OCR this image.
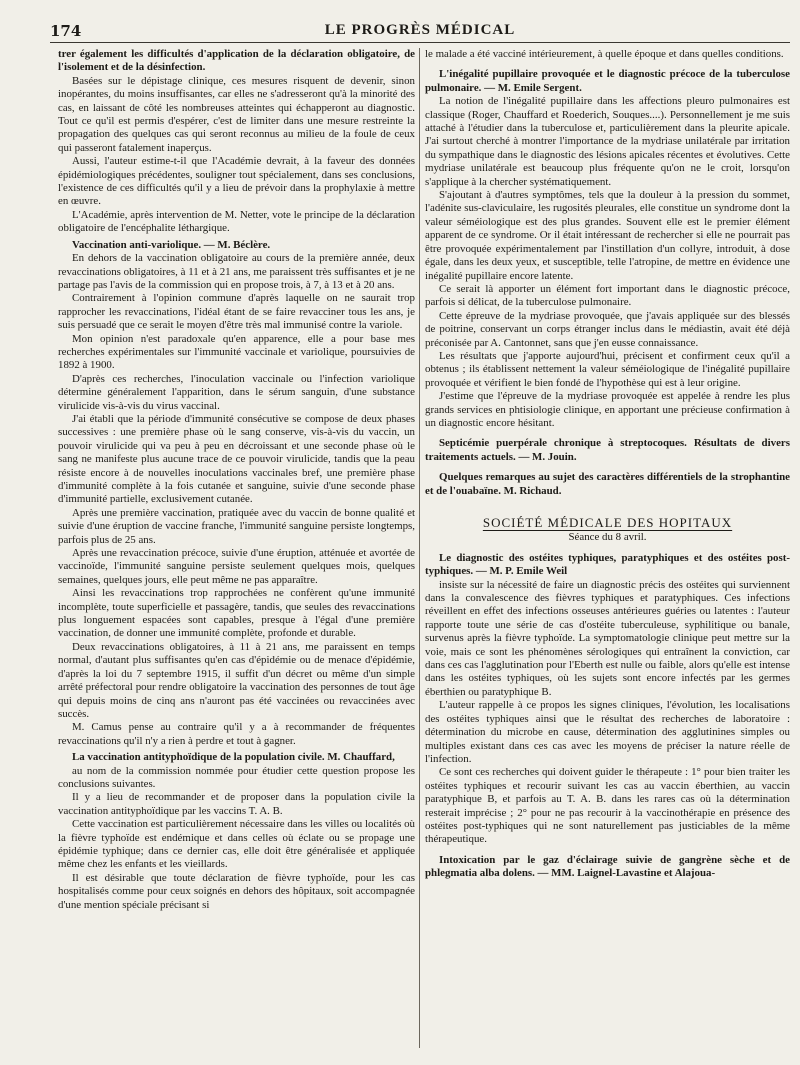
174	LE PROGRÈS MÉDICAL

trer également les difficultés d'application de la déclaration obligatoire, de l'isolement et de la désinfection.

Basées sur le dépistage clinique, ces mesures risquent de devenir, sinon inopérantes, du moins insuffisantes, car elles ne s'adresseront qu'à la minorité des cas, en laissant de côté les nombreuses atteintes qui échapperont au diagnostic. Tout ce qu'il est permis d'espérer, c'est de limiter dans une mesure restreinte la propagation des quelques cas qui seront reconnus au milieu de la foule de ceux qui passeront fatalement inaperçus.

Aussi, l'auteur estime-t-il que l'Académie devrait, à la faveur des données épidémiologiques précédentes, souligner tout spécialement, dans ses conclusions, l'existence de ces difficultés qu'il y a lieu de prévoir dans la prophylaxie à mettre en œuvre.

L'Académie, après intervention de M. Netter, vote le principe de la déclaration obligatoire de l'encéphalite léthargique.

Vaccination anti-variolique. — M. Béclère.

En dehors de la vaccination obligatoire au cours de la première année, deux revaccinations obligatoires, à 11 et à 21 ans, me paraissent très suffisantes et je ne partage pas l'avis de la commission qui en propose trois, à 7, à 13 et à 20 ans.

Contrairement à l'opinion commune d'après laquelle on ne saurait trop rapprocher les revaccinations, l'idéal étant de se faire revacciner tous les ans, je suis persuadé que ce serait le moyen d'être très mal immunisé contre la variole.

Mon opinion n'est paradoxale qu'en apparence, elle a pour base mes recherches expérimentales sur l'immunité vaccinale et variolique, poursuivies de 1892 à 1900.

D'après ces recherches, l'inoculation vaccinale ou l'infection variolique détermine généralement l'apparition, dans le sérum sanguin, d'une substance virulicide vis-à-vis du virus vaccinal.

J'ai établi que la période d'immunité consécutive se compose de deux phases successives : une première phase où le sang conserve, vis-à-vis du vaccin, un pouvoir virulicide qui va peu à peu en décroissant et une seconde phase où le sang ne manifeste plus aucune trace de ce pouvoir virulicide, tandis que la peau résiste encore à de nouvelles inoculations vaccinales bref, une première phase d'immunité complète à la fois cutanée et sanguine, suivie d'une seconde phase d'immunité partielle, exclusivement cutanée.

Après une première vaccination, pratiquée avec du vaccin de bonne qualité et suivie d'une éruption de vaccine franche, l'immunité sanguine persiste longtemps, parfois plus de 25 ans.

Après une revaccination précoce, suivie d'une éruption, atténuée et avortée de vaccinoïde, l'immunité sanguine persiste seulement quelques mois, quelques semaines, quelques jours, elle peut même ne pas apparaître.

Ainsi les revaccinations trop rapprochées ne confèrent qu'une immunité incomplète, toute superficielle et passagère, tandis, que seules des revaccinations plus longuement espacées sont capables, presque à l'égal d'une première vaccination, de donner une immunité complète, profonde et durable.

Deux revaccinations obligatoires, à 11 à 21 ans, me paraissent en temps normal, d'autant plus suffisantes qu'en cas d'épidémie ou de menace d'épidémie, d'après la loi du 7 septembre 1915, il suffit d'un décret ou même d'un simple arrêté préfectoral pour rendre obligatoire la vaccination des personnes de tout âge qui depuis moins de cinq ans n'auront pas été vaccinées ou revaccinées avec succès.

M. Camus pense au contraire qu'il y a à recommander de fréquentes revaccinations qu'il n'y a rien à perdre et tout à gagner.

La vaccination antityphoïdique de la population civile. M. Chauffard,

au nom de la commission nommée pour étudier cette question propose les conclusions suivantes.

Il y a lieu de recommander et de proposer dans la population civile la vaccination antityphoïdique par les vaccins T. A. B.

Cette vaccination est particulièrement nécessaire dans les villes ou localités où la fièvre typhoïde est endémique et dans celles où éclate ou se propage une épidémie typhique; dans ce dernier cas, elle doit être généralisée et appliquée même chez les enfants et les vieillards.

Il est désirable que toute déclaration de fièvre typhoïde, pour les cas hospitalisés comme pour ceux soignés en dehors des hôpitaux, soit accompagnée d'une mention spéciale précisant si

le malade a été vacciné intérieurement, à quelle époque et dans quelles conditions.

L'inégalité pupillaire provoquée et le diagnostic précoce de la tuberculose pulmonaire. — M. Emile Sergent.

La notion de l'inégalité pupillaire dans les affections pleuro pulmonaires est classique (Roger, Chauffard et Roederich, Souques....). Personnellement je me suis attaché à l'étudier dans la tuberculose et, particulièrement dans la pleurite apicale. J'ai surtout cherché à montrer l'importance de la mydriase unilatérale par irritation du sympathique dans le diagnostic des lésions apicales récentes et évolutives. Cette mydriase unilatérale est beaucoup plus fréquente qu'on ne le croit, lorsqu'on s'applique à la chercher systématiquement.

S'ajoutant à d'autres symptômes, tels que la douleur à la pression du sommet, l'adénite sus-claviculaire, les rugosités pleurales, elle constitue un syndrome dont la valeur séméiologique est des plus grandes. Souvent elle est le premier élément apparent de ce syndrome. Or il était intéressant de rechercher si elle ne pourrait pas être provoquée expérimentalement par l'instillation d'un collyre, introduit, à dose égale, dans les deux yeux, et susceptible, telle l'atropine, de mettre en évidence une inégalité pupillaire encore latente.

Ce serait là apporter un élément fort important dans le diagnostic précoce, parfois si délicat, de la tuberculose pulmonaire.

Cette épreuve de la mydriase provoquée, que j'avais appliquée sur des blessés de poitrine, conservant un corps étranger inclus dans le médiastin, avait été déjà préconisée par A. Cantonnet, sans que j'en eusse connaissance.

Les résultats que j'apporte aujourd'hui, précisent et confirment ceux qu'il a obtenus ; ils établissent nettement la valeur séméiologique de l'inégalité pupillaire provoquée et vérifient le bien fondé de l'hypothèse qui est à leur origine.

J'estime que l'épreuve de la mydriase provoquée est appelée à rendre les plus grands services en phtisiologie clinique, en apportant une précieuse confirmation à un diagnostic encore hésitant.

Septicémie puerpérale chronique à streptocoques. Résultats de divers traitements actuels. — M. Jouin.

Quelques remarques au sujet des caractères différentiels de la strophantine et de l'ouabaïne. M. Richaud.

SOCIÉTÉ MÉDICALE DES HOPITAUX

Séance du 8 avril.

Le diagnostic des ostéites typhiques, paratyphiques et des ostéites post-typhiques. — M. P. Emile Weil

insiste sur la nécessité de faire un diagnostic précis des ostéites qui surviennent dans la convalescence des fièvres typhiques et paratyphiques. Ces infections réveillent en effet des infections osseuses antérieures guéries ou latentes : l'auteur rapporte toute une série de cas d'ostéite tuberculeuse, syphilitique ou banale, survenus après la fièvre typhoïde. La symptomatologie clinique peut mettre sur la voie, mais ce sont les phénomènes sérologiques qui entraînent la conviction, car dans ces cas l'agglutination pour l'Eberth est nulle ou faible, alors qu'elle est intense dans les ostéites typhiques, où les sujets sont encore infectés par les germes éberthien ou paratyphique B.

L'auteur rappelle à ce propos les signes cliniques, l'évolution, les localisations des ostéites typhiques ainsi que le résultat des recherches de laboratoire : détermination du microbe en cause, détermination des agglutinines simples ou multiples existant dans ces cas avec les moyens de préciser la nature réelle de l'infection.

Ce sont ces recherches qui doivent guider le thérapeute : 1° pour bien traiter les ostéites typhiques et recourir suivant les cas au vaccin éberthien, au vaccin paratyphique B, et parfois au T. A. B. dans les rares cas où la détermination resterait imprécise ; 2° pour ne pas recourir à la vaccinothérapie en présence des ostéites post-typhiques qui ne sont naturellement pas justiciables de la même thérapeutique.

Intoxication par le gaz d'éclairage suivie de gangrène sèche et de phlegmatia alba dolens. — MM. Laignel-Lavastine et Alajoua-
